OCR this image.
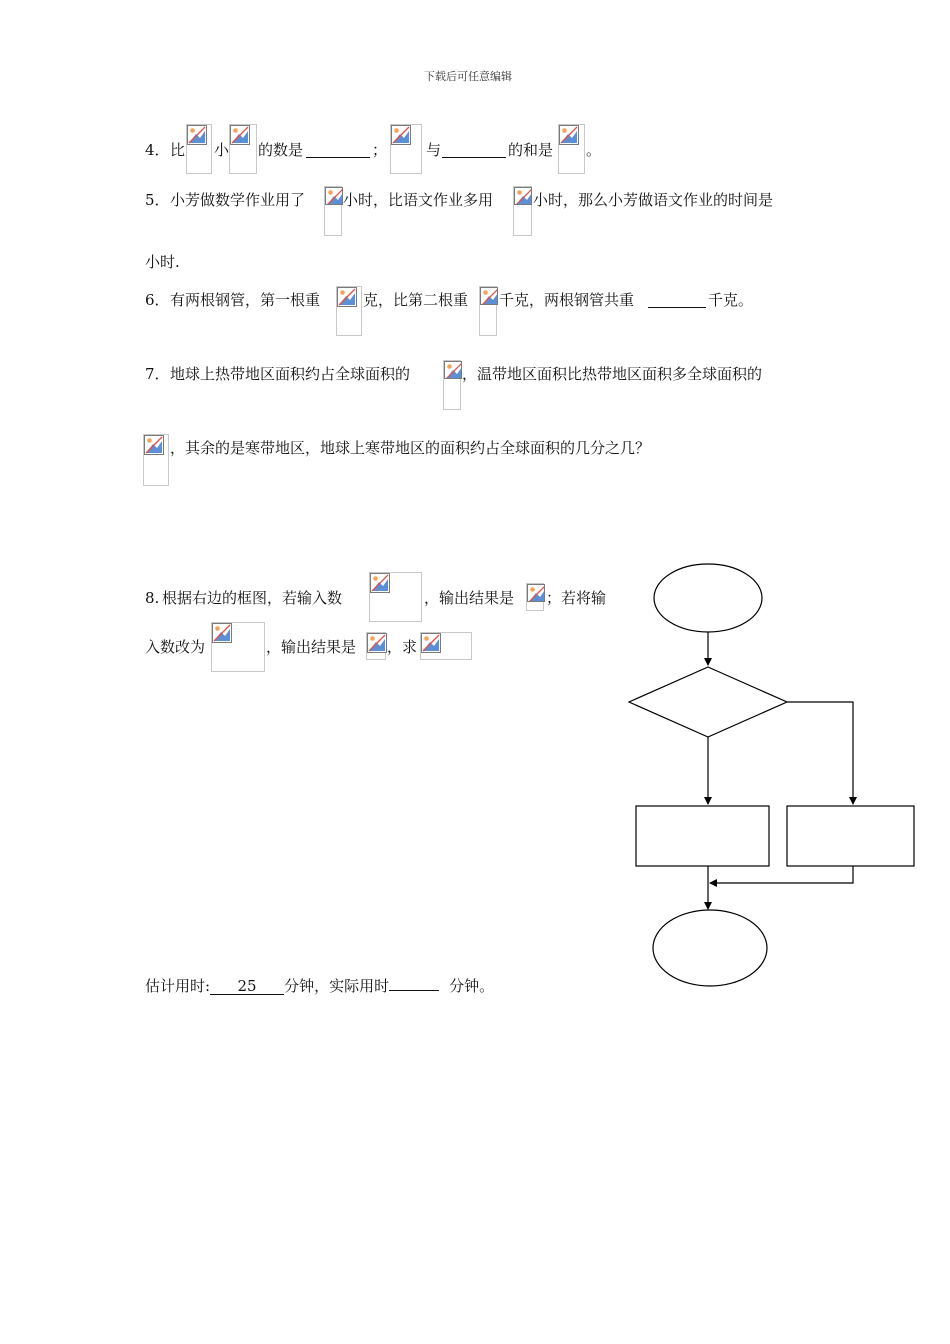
下载后可任意编辑
4． 比 小 的数是	；	与	的和是 。
5． 小芳做数学作业用了	小时，比语文作业多用	小时，那么小芳做语文作业的时间是
小时.
6． 有两根钢管，第一根重	克，比第二根重 千克，两根钢管共重	千克。
7． 地球上热带地区面积约占全球面积的	，温带地区面积比热带地区面积多全球面积的
，其余的是寒带地区，地球上寒带地区的面积约占全球面积的几分之几？
8. 根据右边的框图，若输入数	，输出结果是 ；若将输
入数改为	，输出结果是 ，求
估计用时: 25 分钟，实际用时	分钟。
